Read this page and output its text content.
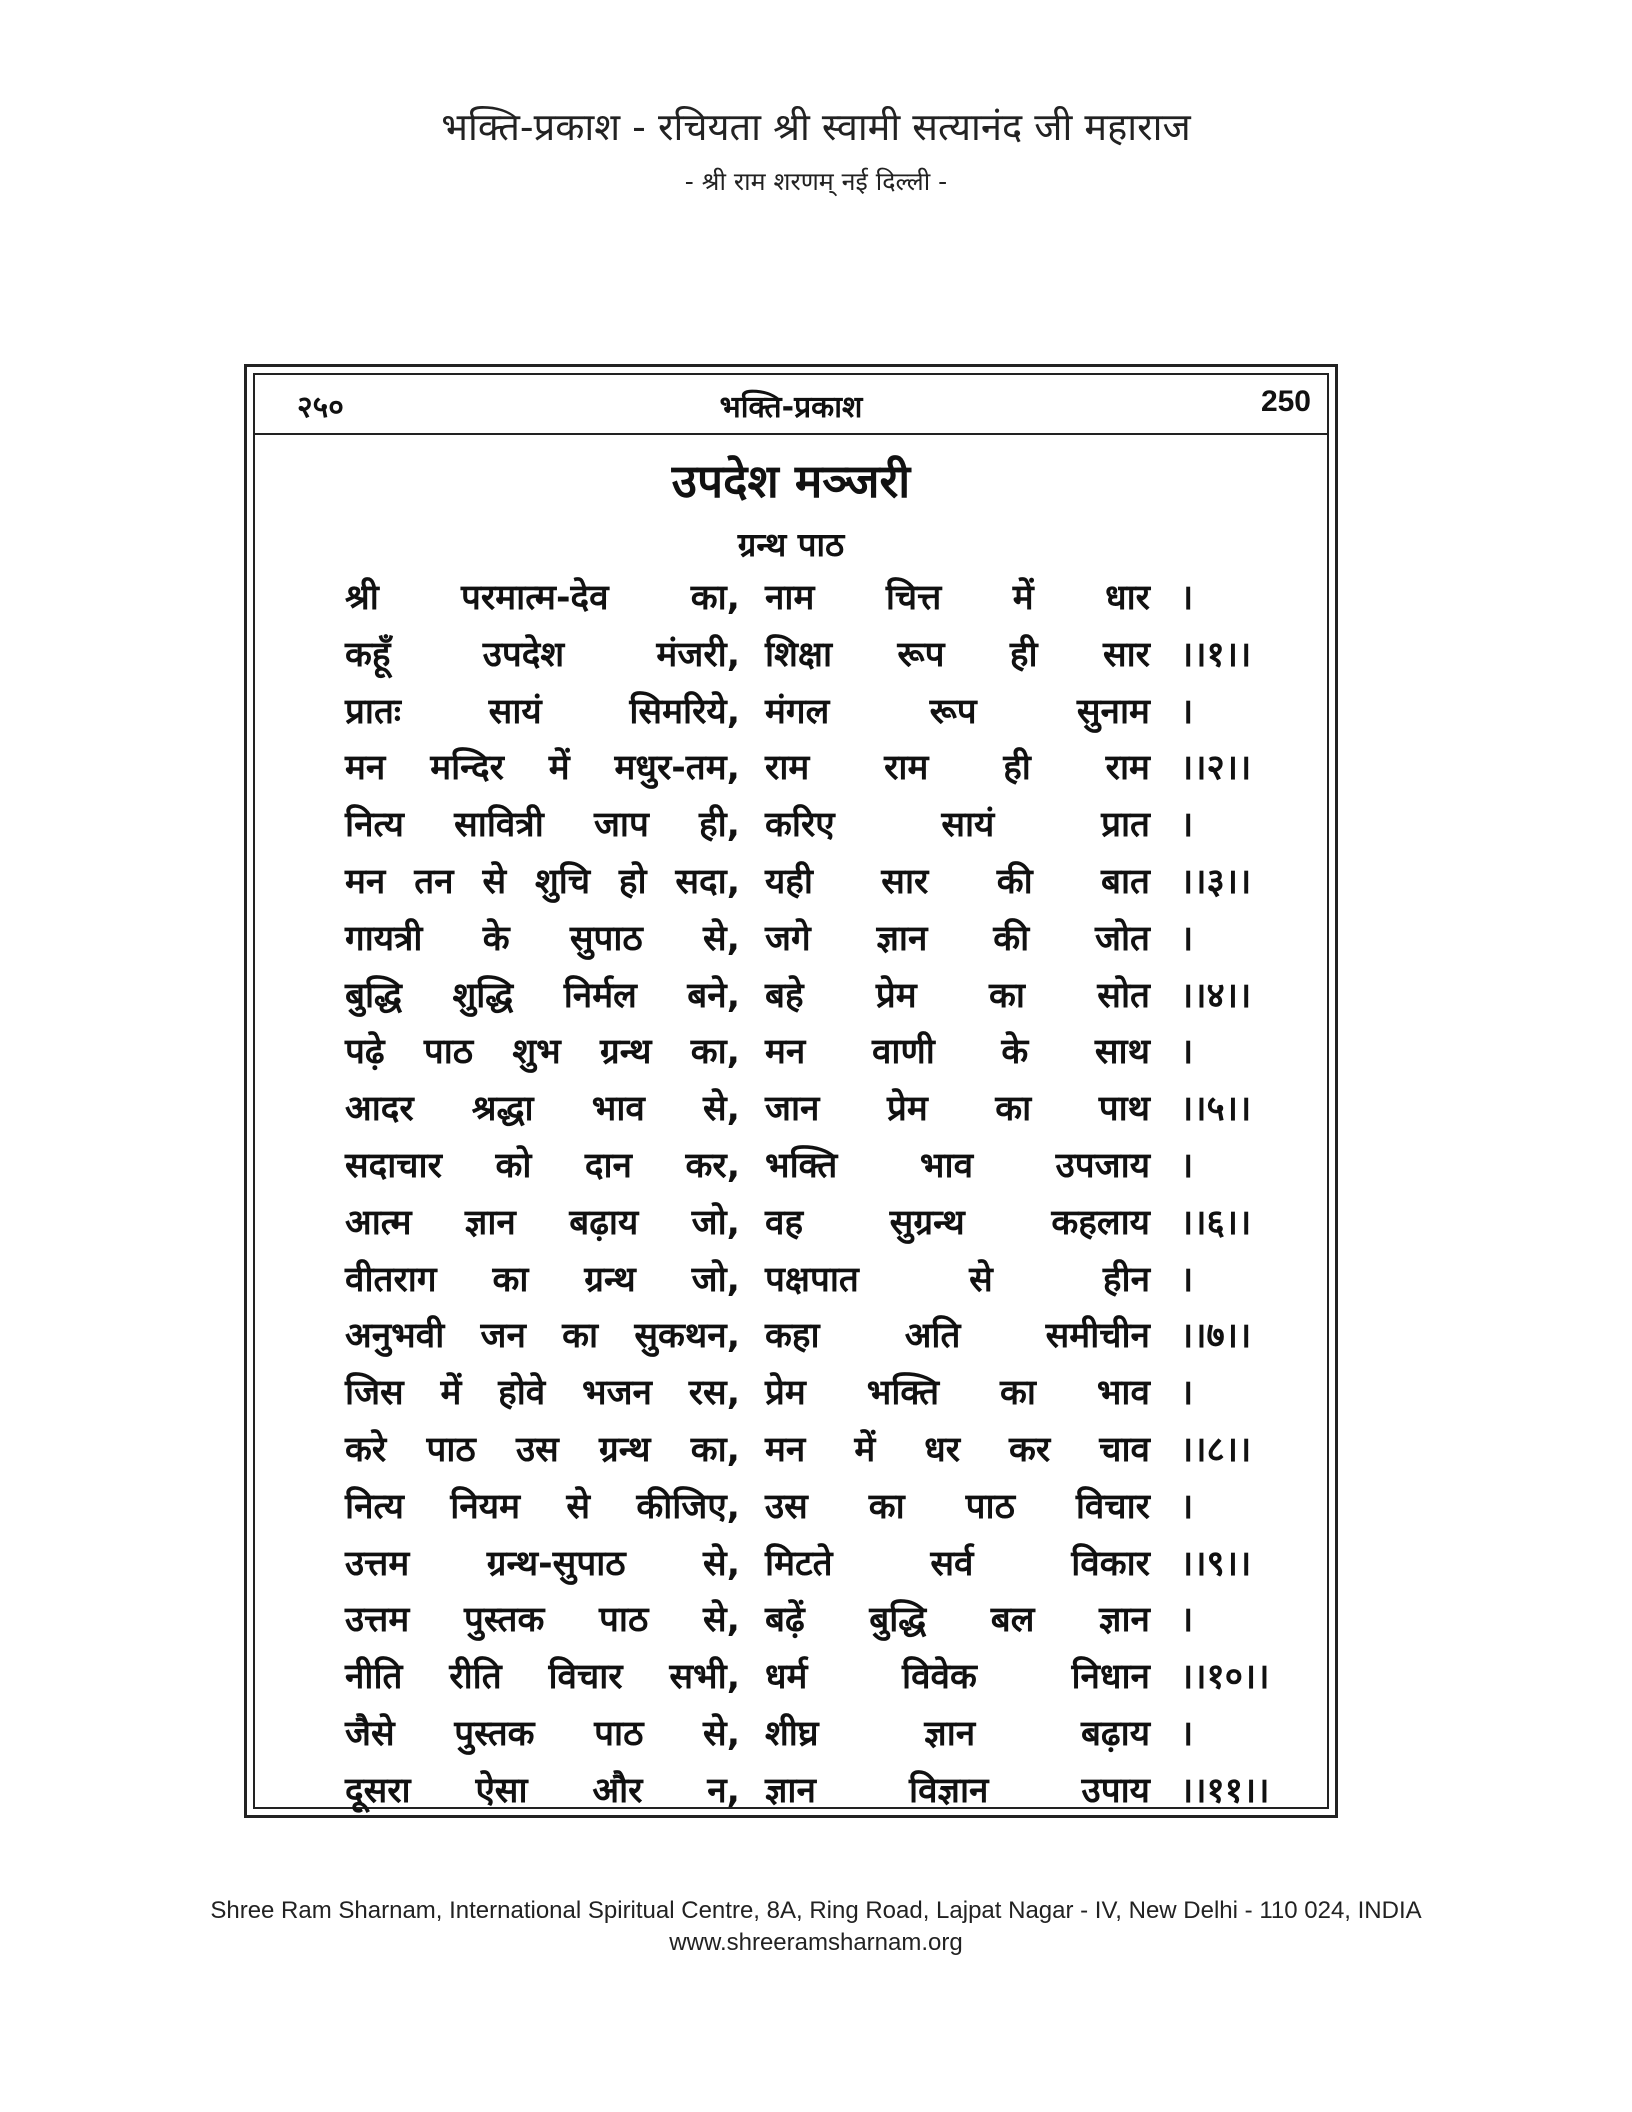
भक्ति-प्रकाश - रचियता श्री स्वामी सत्यानंद जी महाराज
- श्री राम शरणम् नई दिल्ली -
२५०	भक्ति-प्रकाश	250
उपदेश मञ्जरी
ग्रन्थ पाठ
श्री परमात्म-देव का, नाम चित्त में धार ।
कहूँ	उपदेश	मंजरी, शिक्षा रूप ही सार ।।१।।
प्रातः	सायं	सिमरिये, मंगल	रूप	सुनाम ।
मन मन्दिर में मधुर-तम, राम राम ही राम ।।२।।
नित्य सावित्री जाप ही, करिए	सायं	प्रात ।
मन तन से शुचि हो सदा, यही सार की बात ।।३।।
गायत्री के सुपाठ से, जगे ज्ञान की जोत ।
बुद्धि शुद्धि निर्मल बने, बहे प्रेम का सोत ।।४।।
पढ़े पाठ शुभ ग्रन्थ का, मन वाणी के साथ ।
आदर श्रद्धा भाव से, जान प्रेम का पाथ ।।५।।
सदाचार को दान कर, भक्ति भाव उपजाय ।
आत्म ज्ञान बढ़ाय जो, वह सुग्रन्थ कहलाय ।।६।।
वीतराग का ग्रन्थ जो, पक्षपात	से	हीन ।
अनुभवी जन का सुकथन, कहा अति समीचीन ।।७।।
जिस में होवे भजन रस, प्रेम भक्ति का भाव ।
करे पाठ उस ग्रन्थ का, मन में धर कर चाव ।।८।।
नित्य नियम से कीजिए, उस का पाठ विचार ।
उत्तम ग्रन्थ-सुपाठ से, मिटते	सर्व	विकार ।।९।।
उत्तम पुस्तक पाठ से, बढ़ें बुद्धि बल ज्ञान ।
नीति रीति विचार सभी, धर्म	विवेक	निधान ।।१०।।
जैसे पुस्तक पाठ से, शीघ्र	ज्ञान	बढ़ाय ।
दूसरा ऐसा और न, ज्ञान	विज्ञान	उपाय ।।११।।
Shree Ram Sharnam, International Spiritual Centre, 8A, Ring Road, Lajpat Nagar - IV, New Delhi - 110 024, INDIA
www.shreeramsharnam.org
